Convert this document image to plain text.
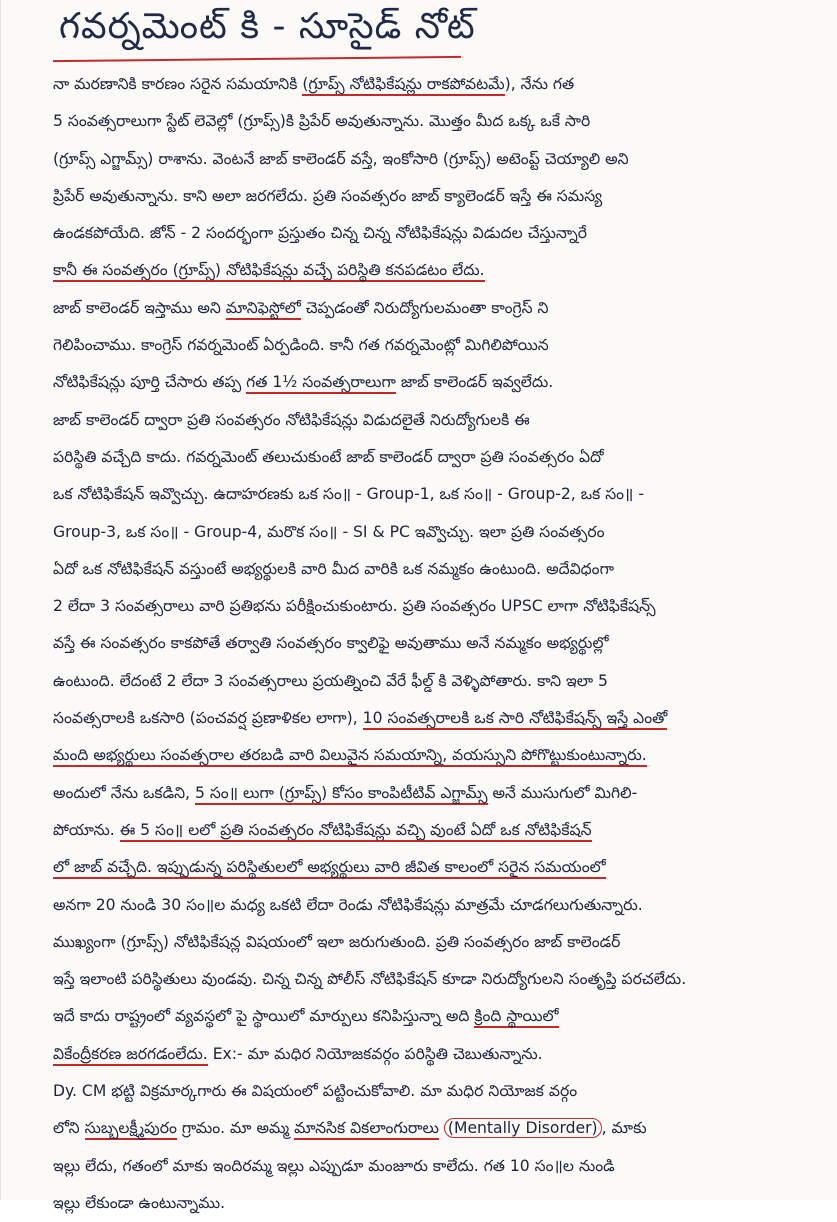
గవర్నమెంట్ కి - సూసైడ్ నోట్
నా మరణానికి కారణం సరైన సమయానికి (గ్రూప్స్ నోటిఫికేషన్లు రాకపోవటమే), నేను గత
5 సంవత్సరాలుగా స్టేట్ లెవెల్లో (గ్రూప్స్)కి ప్రిపేర్ అవుతున్నాను. మొత్తం మీద ఒక్క ఒకే సారి
(గ్రూప్స్ ఎగ్జామ్స్) రాశాను. వెంటనే జాబ్ కాలెండర్ వస్తే, ఇంకోసారి (గ్రూప్స్) అటెంప్ట్ చెయ్యాలి అని
ప్రిపేర్ అవుతున్నాను. కాని అలా జరగలేదు. ప్రతి సంవత్సరం జాబ్ క్యాలెండర్ ఇస్తే ఈ సమస్య
ఉండకపోయేది. జోన్ - 2 సందర్భంగా ప్రస్తుతం చిన్న చిన్న నోటిఫికేషన్లు విడుదల చేస్తున్నారే
కానీ ఈ సంవత్సరం (గ్రూప్స్) నోటిఫికేషన్లు వచ్చే పరిస్థితి కనపడటం లేదు.
జాబ్ కాలెండర్ ఇస్తాము అని మానిఫెస్టోలో చెప్పడంతో నిరుద్యోగులమంతా కాంగ్రెస్ ని
గెలిపించాము. కాంగ్రెస్ గవర్నమెంట్ ఏర్పడింది. కానీ గత గవర్నమెంట్లో మిగిలిపోయిన
నోటిఫికేషన్లు పూర్తి చేసారు తప్ప గత 1½ సంవత్సరాలుగా జాబ్ కాలెండర్ ఇవ్వలేదు.
జాబ్ కాలెండర్ ద్వారా ప్రతి సంవత్సరం నోటిఫికేషన్లు విడుదలైతే నిరుద్యోగులకి ఈ
పరిస్థితి వచ్చేది కాదు. గవర్నమెంట్ తలుచుకుంటే జాబ్ కాలెండర్ ద్వారా ప్రతి సంవత్సరం ఏదో
ఒక నోటిఫికేషన్ ఇవ్వొచ్చు. ఉదాహరణకు ఒక సం॥ - Group-1, ఒక సం॥ - Group-2, ఒక సం॥ -
Group-3, ఒక సం॥ - Group-4, మరొక సం॥ - SI & PC ఇవ్వొచ్చు. ఇలా ప్రతి సంవత్సరం
ఏదో ఒక నోటిఫికేషన్ వస్తుంటే అభ్యర్థులకి వారి మీద వారికి ఒక నమ్మకం ఉంటుంది. అదేవిధంగా
2 లేదా 3 సంవత్సరాలు వారి ప్రతిభను పరీక్షించుకుంటారు. ప్రతి సంవత్సరం UPSC లాగా నోటిఫికేషన్స్
వస్తే ఈ సంవత్సరం కాకపోతే తర్వాతి సంవత్సరం క్వాలిఫై అవుతాము అనే నమ్మకం అభ్యర్థుల్లో
ఉంటుంది. లేదంటే 2 లేదా 3 సంవత్సరాలు ప్రయత్నించి వేరే ఫీల్డ్ కి వెళ్ళిపోతారు. కాని ఇలా 5
సంవత్సరాలకి ఒకసారి (పంచవర్ష ప్రణాళికల లాగా), 10 సంవత్సరాలకి ఒక సారి నోటిఫికేషన్స్ ఇస్తే ఎంతో
మంది అభ్యర్థులు సంవత్సరాల తరబడి వారి విలువైన సమయాన్ని, వయస్సుని పోగొట్టుకుంటున్నారు.
అందులో నేను ఒకడిని, 5 సం॥ లుగా (గ్రూప్స్) కోసం కాంపిటీటివ్ ఎగ్జామ్స్ అనే ముసుగులో మిగిలి-
పోయాను. ఈ 5 సం॥ లలో ప్రతి సంవత్సరం నోటిఫికేషన్లు వచ్చి వుంటే ఏదో ఒక నోటిఫికేషన్
లో జాబ్ వచ్చేది. ఇప్పుడున్న పరిస్థితులలో అభ్యర్థులు వారి జీవిత కాలంలో సరైన సమయంలో
అనగా 20 నుండి 30 సం॥ల మధ్య ఒకటి లేదా రెండు నోటిఫికేషన్లు మాత్రమే చూడగలుగుతున్నారు.
ముఖ్యంగా (గ్రూప్స్) నోటిఫికేషన్ల విషయంలో ఇలా జరుగుతుంది. ప్రతి సంవత్సరం జాబ్ కాలెండర్
ఇస్తే ఇలాంటి పరిస్థితులు వుండవు. చిన్న చిన్న పోలీస్ నోటిఫికేషన్ కూడా నిరుద్యోగులని సంతృప్తి పరచలేదు.
ఇదే కాదు రాష్ట్రంలో వ్యవస్థలో పై స్థాయిలో మార్పులు కనిపిస్తున్నా అది క్రింది స్థాయిలో
వికేంద్రీకరణ జరగడంలేదు. Ex:- మా మధిర నియోజకవర్గం పరిస్థితి చెబుతున్నాను.
Dy. CM భట్టి విక్రమార్కగారు ఈ విషయంలో పట్టించుకోవాలి. మా మధిర నియోజక వర్గం
లోని సుబ్బలక్ష్మీపురం గ్రామం. మా అమ్మ మానసిక వికలాంగురాలు (Mentally Disorder) , మాకు
ఇల్లు లేదు, గతంలో మాకు ఇందిరమ్మ ఇల్లు ఎప్పుడూ మంజూరు కాలేదు. గత 10 సం॥ల నుండి
ఇల్లు లేకుండా ఉంటున్నాము.
